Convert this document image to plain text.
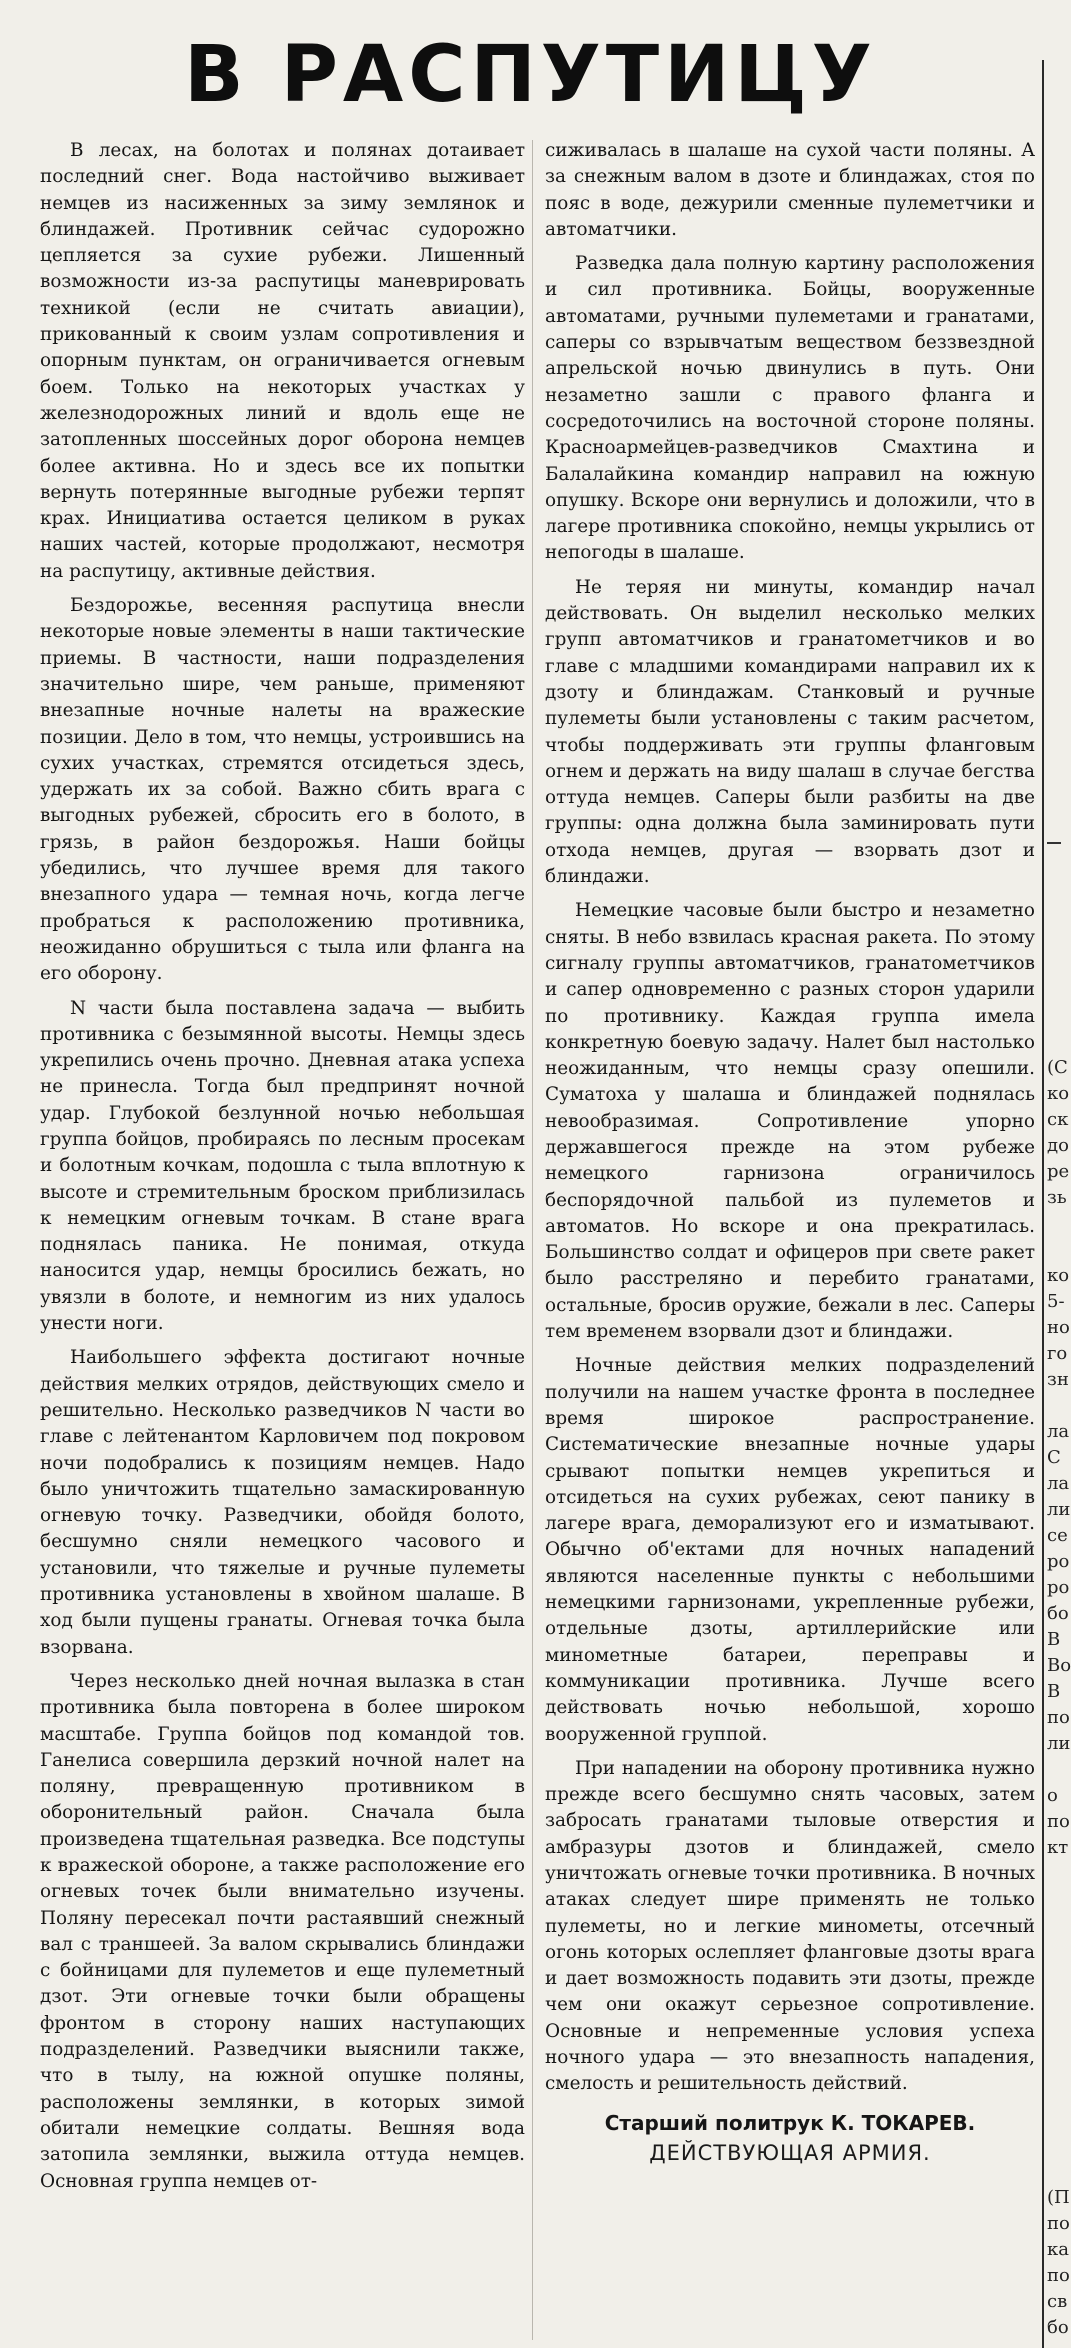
В РАСПУТИЦУ

В лесах, на болотах и полянах дотаивает последний снег. Вода настойчиво выживает немцев из насиженных за зиму землянок и блиндажей. Противник сейчас судорожно цепляется за сухие рубежи. Лишенный возможности из-за распутицы маневрировать техникой (если не считать авиации), прикованный к своим узлам сопротивления и опорным пунктам, он ограничивается огневым боем. Только на некоторых участках у железнодорожных линий и вдоль еще не затопленных шоссейных дорог оборона немцев более активна. Но и здесь все их попытки вернуть потерянные выгодные рубежи терпят крах. Инициатива остается целиком в руках наших частей, которые продолжают, несмотря на распутицу, активные действия.

Бездорожье, весенняя распутица внесли некоторые новые элементы в наши тактические приемы. В частности, наши подразделения значительно шире, чем раньше, применяют внезапные ночные налеты на вражеские позиции. Дело в том, что немцы, устроившись на сухих участках, стремятся отсидеться здесь, удержать их за собой. Важно сбить врага с выгодных рубежей, сбросить его в болото, в грязь, в район бездорожья. Наши бойцы убедились, что лучшее время для такого внезапного удара — темная ночь, когда легче пробраться к расположению противника, неожиданно обрушиться с тыла или фланга на его оборону.

N части была поставлена задача — выбить противника с безымянной высоты. Немцы здесь укрепились очень прочно. Дневная атака успеха не принесла. Тогда был предпринят ночной удар. Глубокой безлунной ночью небольшая группа бойцов, пробираясь по лесным просекам и болотным кочкам, подошла с тыла вплотную к высоте и стремительным броском приблизилась к немецким огневым точкам. В стане врага поднялась паника. Не понимая, откуда наносится удар, немцы бросились бежать, но увязли в болоте, и немногим из них удалось унести ноги.

Наибольшего эффекта достигают ночные действия мелких отрядов, действующих смело и решительно. Несколько разведчиков N части во главе с лейтенантом Карловичем под покровом ночи подобрались к позициям немцев. Надо было уничтожить тщательно замаскированную огневую точку. Разведчики, обойдя болото, бесшумно сняли немецкого часового и установили, что тяжелые и ручные пулеметы противника установлены в хвойном шалаше. В ход были пущены гранаты. Огневая точка была взорвана.

Через несколько дней ночная вылазка в стан противника была повторена в более широком масштабе. Группа бойцов под командой тов. Ганелиса совершила дерзкий ночной налет на поляну, превращенную противником в оборонительный район. Сначала была произведена тщательная разведка. Все подступы к вражеской обороне, а также расположение его огневых точек были внимательно изучены. Поляну пересекал почти растаявший снежный вал с траншеей. За валом скрывались блиндажи с бойницами для пулеметов и еще пулеметный дзот. Эти огневые точки были обращены фронтом в сторону наших наступающих подразделений. Разведчики выяснили также, что в тылу, на южной опушке поляны, расположены землянки, в которых зимой обитали немецкие солдаты. Вешняя вода затопила землянки, выжила оттуда немцев. Основная группа немцев от-

сиживалась в шалаше на сухой части поляны. А за снежным валом в дзоте и блиндажах, стоя по пояс в воде, дежурили сменные пулеметчики и автоматчики.

Разведка дала полную картину расположения и сил противника. Бойцы, вооруженные автоматами, ручными пулеметами и гранатами, саперы со взрывчатым веществом беззвездной апрельской ночью двинулись в путь. Они незаметно зашли с правого фланга и сосредоточились на восточной стороне поляны. Красноармейцев-разведчиков Смахтина и Балалайкина командир направил на южную опушку. Вскоре они вернулись и доложили, что в лагере противника спокойно, немцы укрылись от непогоды в шалаше.

Не теряя ни минуты, командир начал действовать. Он выделил несколько мелких групп автоматчиков и гранатометчиков и во главе с младшими командирами направил их к дзоту и блиндажам. Станковый и ручные пулеметы были установлены с таким расчетом, чтобы поддерживать эти группы фланговым огнем и держать на виду шалаш в случае бегства оттуда немцев. Саперы были разбиты на две группы: одна должна была заминировать пути отхода немцев, другая — взорвать дзот и блиндажи.

Немецкие часовые были быстро и незаметно сняты. В небо взвилась красная ракета. По этому сигналу группы автоматчиков, гранатометчиков и сапер одновременно с разных сторон ударили по противнику. Каждая группа имела конкретную боевую задачу. Налет был настолько неожиданным, что немцы сразу опешили. Суматоха у шалаша и блиндажей поднялась невообразимая. Сопротивление упорно державшегося прежде на этом рубеже немецкого гарнизона ограничилось беспорядочной пальбой из пулеметов и автоматов. Но вскоре и она прекратилась. Большинство солдат и офицеров при свете ракет было расстреляно и перебито гранатами, остальные, бросив оружие, бежали в лес. Саперы тем временем взорвали дзот и блиндажи.

Ночные действия мелких подразделений получили на нашем участке фронта в последнее время широкое распространение. Систематические внезапные ночные удары срывают попытки немцев укрепиться и отсидеться на сухих рубежах, сеют панику в лагере врага, деморализуют его и изматывают. Обычно об'ектами для ночных нападений являются населенные пункты с небольшими немецкими гарнизонами, укрепленные рубежи, отдельные дзоты, артиллерийские или минометные батареи, переправы и коммуникации противника. Лучше всего действовать ночью небольшой, хорошо вооруженной группой.

При нападении на оборону противника нужно прежде всего бесшумно снять часовых, затем забросать гранатами тыловые отверстия и амбразуры дзотов и блиндажей, смело уничтожать огневые точки противника. В ночных атаках следует шире применять не только пулеметы, но и легкие минометы, отсечный огонь которых ослепляет фланговые дзоты врага и дает возможность подавить эти дзоты, прежде чем они окажут серьезное сопротивление. Основные и непременные условия успеха ночного удара — это внезапность нападения, смелость и решительность действий.

Старший политрук К. ТОКАРЕВ.
ДЕЙСТВУЮЩАЯ АРМИЯ.
(С
ко
ск
до
ре
зь

ко
5-
но
го
зн

ла
С
ла
ли
се
ро
ро
бо
В
Во
В
по
ли

о
по
кт
(П
по
ка
по
св
бо
